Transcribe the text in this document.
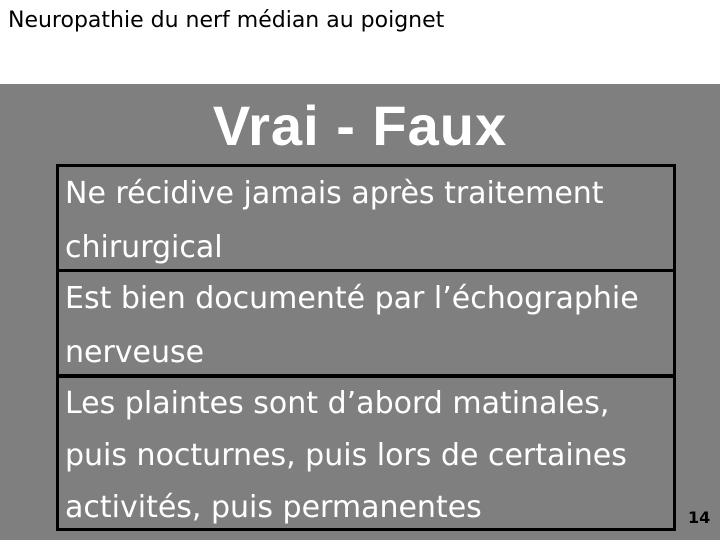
Neuropathie du nerf médian au poignet
Vrai - Faux
Ne récidive jamais après traitement chirurgical
Est bien documenté par l’échographie nerveuse
Les plaintes sont d’abord matinales, puis nocturnes, puis lors de certaines activités, puis permanentes	14
